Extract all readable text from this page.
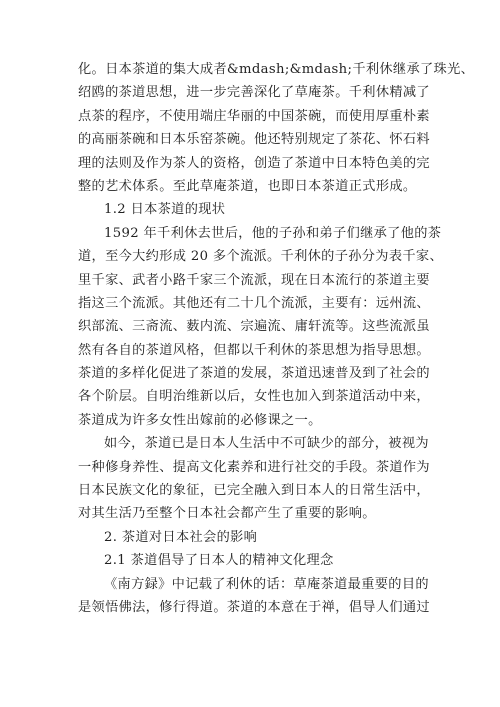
化。日本茶道的集大成者&mdash;&mdash;千利休继承了珠光、
绍鸥的茶道思想，进一步完善深化了草庵茶。千利休精减了
点茶的程序，不使用端庄华丽的中国茶碗，而使用厚重朴素
的高丽茶碗和日本乐窑茶碗。他还特别规定了茶花、怀石料
理的法则及作为茶人的资格，创造了茶道中日本特色美的完
整的艺术体系。至此草庵茶道，也即日本茶道正式形成。
1.2 日本茶道的现状
1592 年千利休去世后，他的子孙和弟子们继承了他的茶
道，至今大约形成 20 多个流派。千利休的子孙分为表千家、
里千家、武者小路千家三个流派，现在日本流行的茶道主要
指这三个流派。其他还有二十几个流派，主要有：远州流、
织部流、三斋流、薮内流、宗遍流、庸轩流等。这些流派虽
然有各自的茶道风格，但都以千利休的茶思想为指导思想。
茶道的多样化促进了茶道的发展，茶道迅速普及到了社会的
各个阶层。自明治维新以后，女性也加入到茶道活动中来，
茶道成为许多女性出嫁前的必修课之一。
如今，茶道已是日本人生活中不可缺少的部分，被视为
一种修身养性、提高文化素养和进行社交的手段。茶道作为
日本民族文化的象征，已完全融入到日本人的日常生活中，
对其生活乃至整个日本社会都产生了重要的影响。
2. 茶道对日本社会的影响
2.1 茶道倡导了日本人的精神文化理念
《南方録》中记载了利休的话：草庵茶道最重要的目的
是领悟佛法，修行得道。茶道的本意在于禅，倡导人们通过
